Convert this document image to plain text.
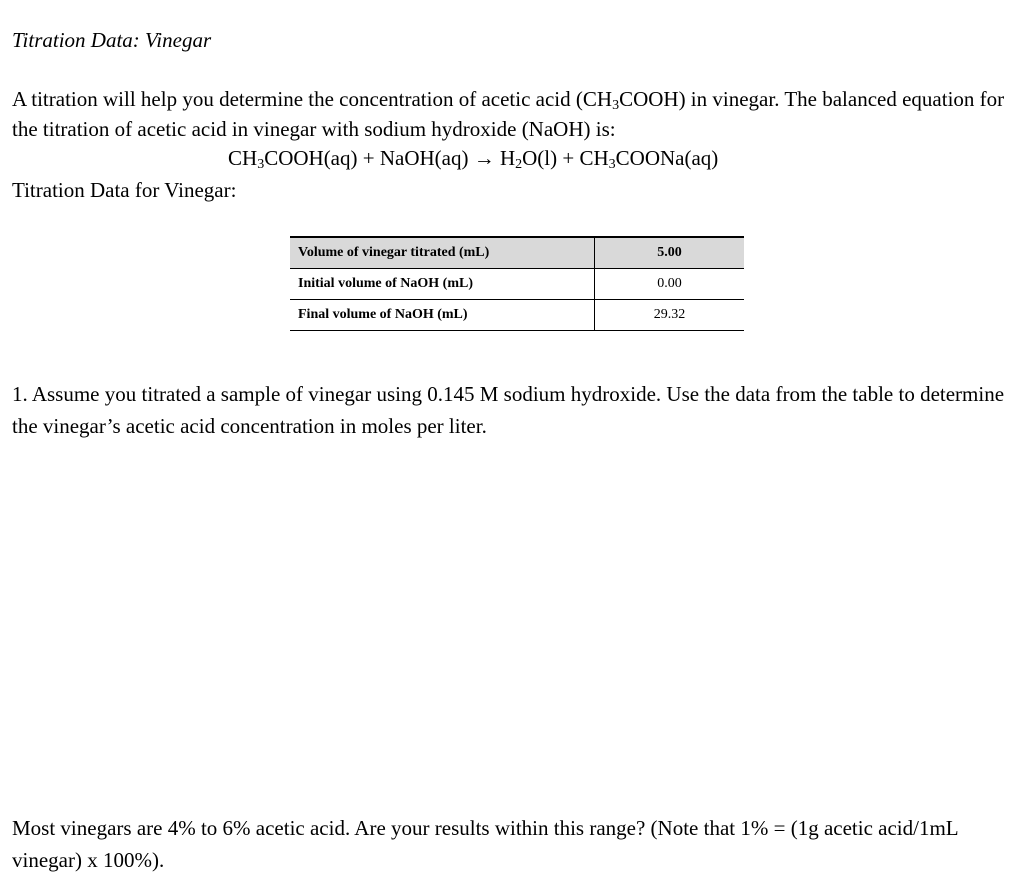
Titration Data: Vinegar

A titration will help you determine the concentration of acetic acid $(CH_3COOH)$ in vinegar. The balanced equation for the titration of acetic acid in vinegar with sodium hydroxide (NaOH) is:

$CH_3COOH(aq)$ + NaOH(aq) → $H_2O(l)$ + $CH_3COONa(aq)$
Titration Data for Vinegar:
Volume of vinegar titrated (mL)	5.00
Initial volume of NaOH (mL)	0.00
Final volume of NaOH (mL)	29.32
1. Assume you titrated a sample of vinegar using 0.145 M sodium hydroxide. Use the data from the table to determine the vinegar’s acetic acid concentration in moles per liter.
Most vinegars are 4% to 6% acetic acid. Are your results within this range? (Note that 1% = (1g acetic acid/1mL vinegar) x 100%).
